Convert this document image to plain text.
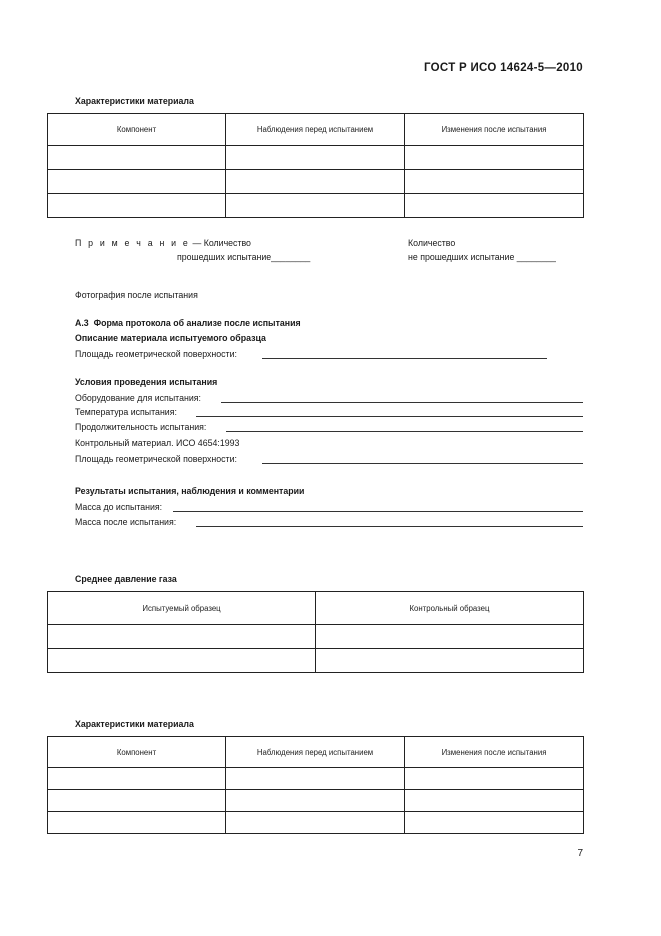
ГОСТ Р ИСО 14624-5—2010
Характеристики материала
Компонент	Наблюдения перед испытанием	Изменения после испытания

П р и м е ч а н и е — Количество
прошедших испытание________
Количество
не прошедших испытание ________
Фотография после испытания
А.3 Форма протокола об анализе после испытания
Описание материала испытуемого образца
Площадь геометрической поверхности:
Условия проведения испытания
Оборудование для испытания:
Температура испытания:
Продолжительность испытания:
Контрольный материал. ИСО 4654:1993
Площадь геометрической поверхности:
Результаты испытания, наблюдения и комментарии
Масса до испытания:
Масса после испытания:
Среднее давление газа
Испытуемый образец	Контрольный образец

Характеристики материала
Компонент	Наблюдения перед испытанием	Изменения после испытания

7
